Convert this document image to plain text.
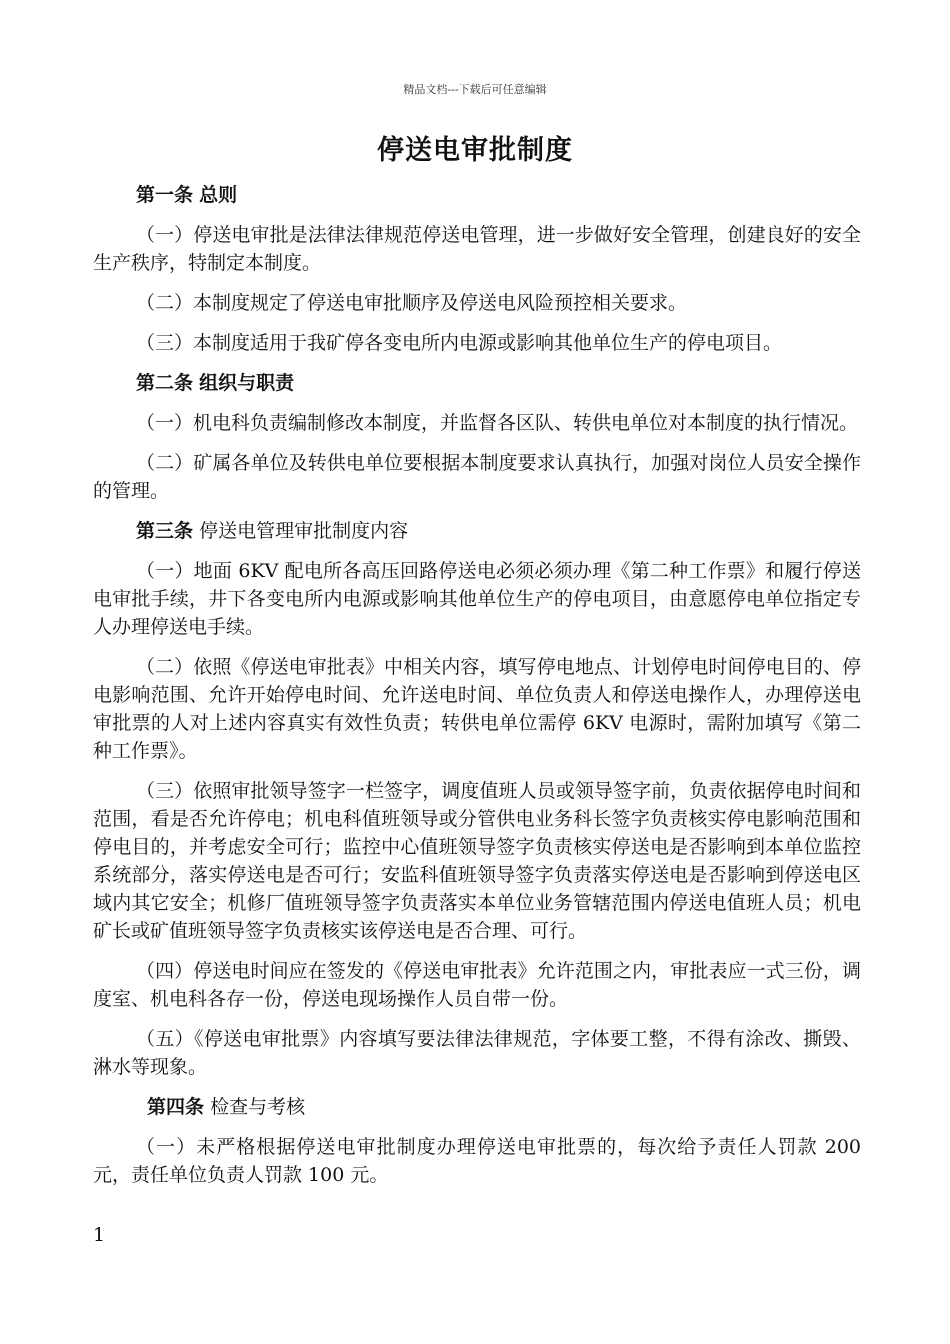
精品文档---下载后可任意编辑
停送电审批制度
第一条 总则

（一）停送电审批是法律法律规范停送电管理，进一步做好安全管理，创建良好的安全生产秩序，特制定本制度。

（二）本制度规定了停送电审批顺序及停送电风险预控相关要求。

（三）本制度适用于我矿停各变电所内电源或影响其他单位生产的停电项目。

第二条 组织与职责

（一）机电科负责编制修改本制度，并监督各区队、转供电单位对本制度的执行情况。

（二）矿属各单位及转供电单位要根据本制度要求认真执行，加强对岗位人员安全操作的管理。

第三条 停送电管理审批制度内容

（一）地面 6KV 配电所各高压回路停送电必须必须办理《第二种工作票》和履行停送电审批手续，井下各变电所内电源或影响其他单位生产的停电项目，由意愿停电单位指定专人办理停送电手续。

（二）依照《停送电审批表》中相关内容，填写停电地点、计划停电时间停电目的、停电影响范围、允许开始停电时间、允许送电时间、单位负责人和停送电操作人，办理停送电审批票的人对上述内容真实有效性负责；转供电单位需停 6KV 电源时，需附加填写《第二种工作票》。

（三）依照审批领导签字一栏签字，调度值班人员或领导签字前，负责依据停电时间和范围，看是否允许停电；机电科值班领导或分管供电业务科长签字负责核实停电影响范围和停电目的，并考虑安全可行；监控中心值班领导签字负责核实停送电是否影响到本单位监控系统部分，落实停送电是否可行；安监科值班领导签字负责落实停送电是否影响到停送电区域内其它安全；机修厂值班领导签字负责落实本单位业务管辖范围内停送电值班人员；机电矿长或矿值班领导签字负责核实该停送电是否合理、可行。

（四）停送电时间应在签发的《停送电审批表》允许范围之内，审批表应一式三份，调度室、机电科各存一份，停送电现场操作人员自带一份。

（五）《停送电审批票》内容填写要法律法律规范，字体要工整，不得有涂改、撕毁、淋水等现象。

第四条 检查与考核

（一）未严格根据停送电审批制度办理停送电审批票的，每次给予责任人罚款 200 元，责任单位负责人罚款 100 元。

1
